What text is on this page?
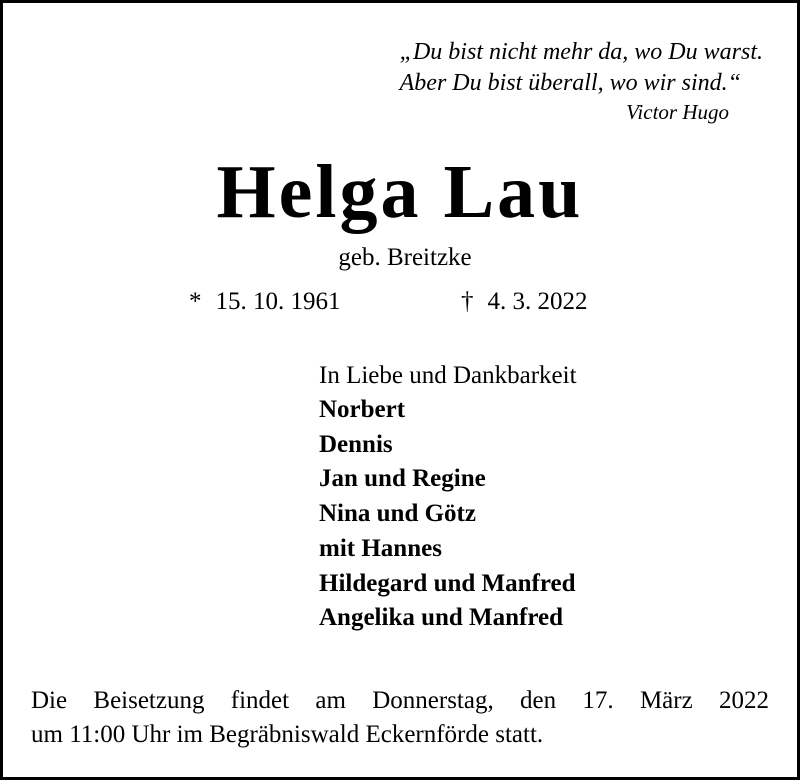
„Du bist nicht mehr da, wo Du warst.
Aber Du bist überall, wo wir sind.“
Victor Hugo
Helga Lau
geb. Breitzke
* 15. 10. 1961	† 4. 3. 2022
In Liebe und Dankbarkeit
Norbert
Dennis
Jan und Regine
Nina und Götz
mit Hannes
Hildegard und Manfred
Angelika und Manfred
Die Beisetzung findet am Donnerstag, den 17. März 2022
um 11:00 Uhr im Begräbniswald Eckernförde statt.
